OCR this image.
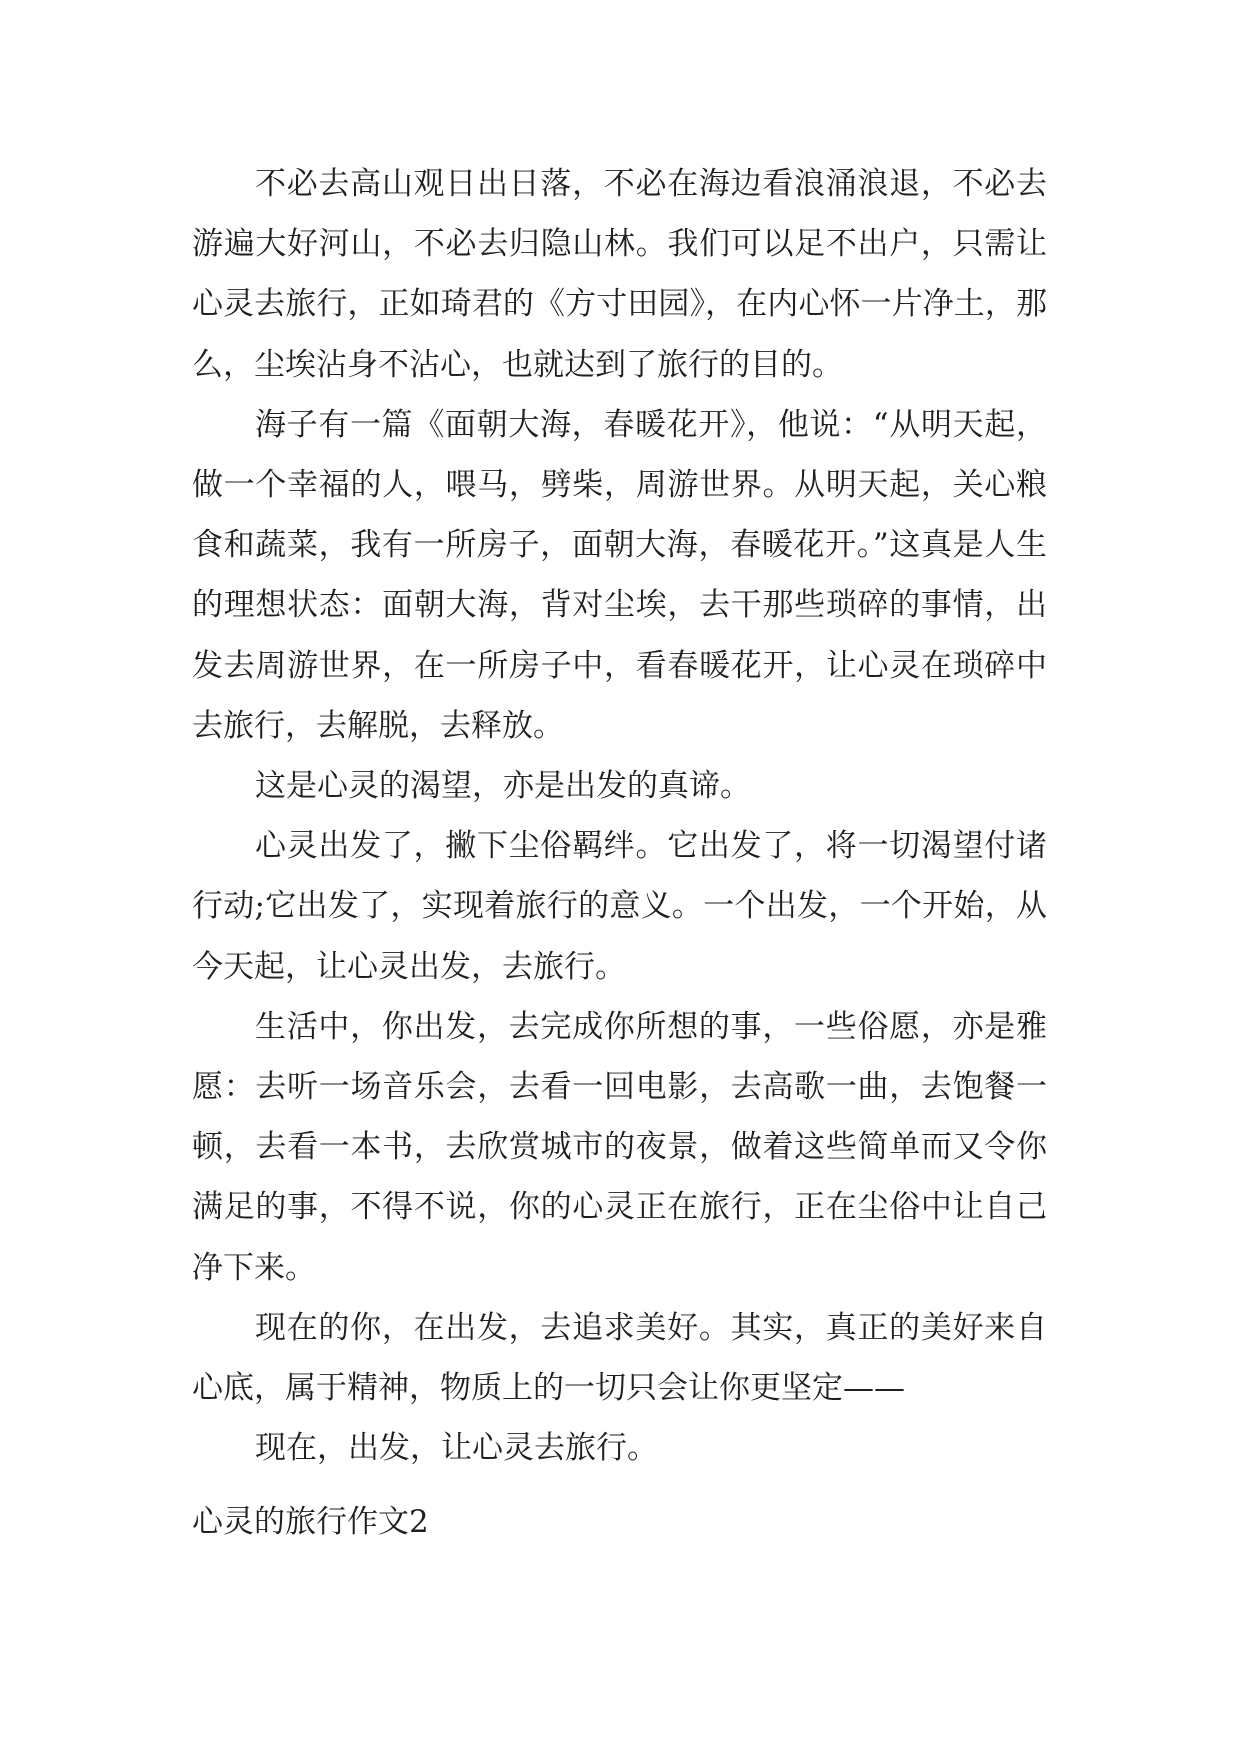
不必去高山观日出日落，不必在海边看浪涌浪退，不必去游遍大好河山，不必去归隐山林。我们可以足不出户，只需让心灵去旅行，正如琦君的《方寸田园》，在内心怀一片净土，那么，尘埃沾身不沾心，也就达到了旅行的目的。

海子有一篇《面朝大海，春暖花开》，他说：“从明天起，做一个幸福的人，喂马，劈柴，周游世界。从明天起，关心粮食和蔬菜，我有一所房子，面朝大海，春暖花开。”这真是人生的理想状态：面朝大海，背对尘埃，去干那些琐碎的事情，出发去周游世界，在一所房子中，看春暖花开，让心灵在琐碎中去旅行，去解脱，去释放。

这是心灵的渴望，亦是出发的真谛。

心灵出发了，撇下尘俗羁绊。它出发了，将一切渴望付诸行动;它出发了，实现着旅行的意义。一个出发，一个开始，从今天起，让心灵出发，去旅行。

生活中，你出发，去完成你所想的事，一些俗愿，亦是雅愿：去听一场音乐会，去看一回电影，去高歌一曲，去饱餐一顿，去看一本书，去欣赏城市的夜景，做着这些简单而又令你满足的事，不得不说，你的心灵正在旅行，正在尘俗中让自己净下来。

现在的你，在出发，去追求美好。其实，真正的美好来自心底，属于精神，物质上的一切只会让你更坚定——

现在，出发，让心灵去旅行。

心灵的旅行作文2
